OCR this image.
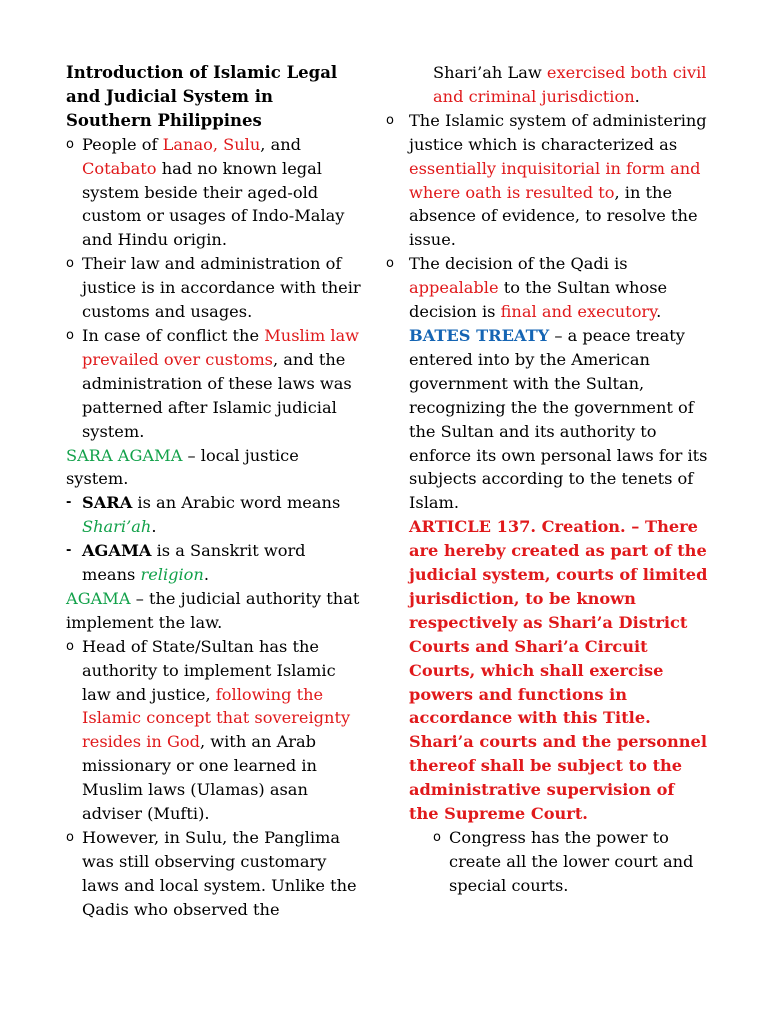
Introduction of Islamic Legal and Judicial System in Southern Philippines

o People of Lanao, Sulu, and Cotabato had no known legal system beside their aged-old custom or usages of Indo-Malay and Hindu origin.
o Their law and administration of justice is in accordance with their customs and usages.
o In case of conflict the Muslim law prevailed over customs, and the administration of these laws was patterned after Islamic judicial system.

SARA AGAMA – local justice system.

- SARA is an Arabic word means Shari’ah.
- AGAMA is a Sanskrit word means religion.

AGAMA – the judicial authority that implement the law.

o Head of State/Sultan has the authority to implement Islamic law and justice, following the Islamic concept that sovereignty resides in God, with an Arab missionary or one learned in Muslim laws (Ulamas) asan adviser (Mufti).
o However, in Sulu, the Panglima was still observing customary laws and local system. Unlike the Qadis who observed the

Shari’ah Law exercised both civil and criminal jurisdiction.

o The Islamic system of administering justice which is characterized as essentially inquisitorial in form and where oath is resulted to, in the absence of evidence, to resolve the issue.
o The decision of the Qadi is appealable to the Sultan whose decision is final and executory.

BATES TREATY – a peace treaty entered into by the American government with the Sultan, recognizing the the government of the Sultan and its authority to enforce its own personal laws for its subjects according to the tenets of Islam.

ARTICLE 137. Creation. – There are hereby created as part of the judicial system, courts of limited jurisdiction, to be known respectively as Shari’a District Courts and Shari’a Circuit Courts, which shall exercise powers and functions in accordance with this Title. Shari’a courts and the personnel thereof shall be subject to the administrative supervision of the Supreme Court.

o Congress has the power to create all the lower court and special courts.
